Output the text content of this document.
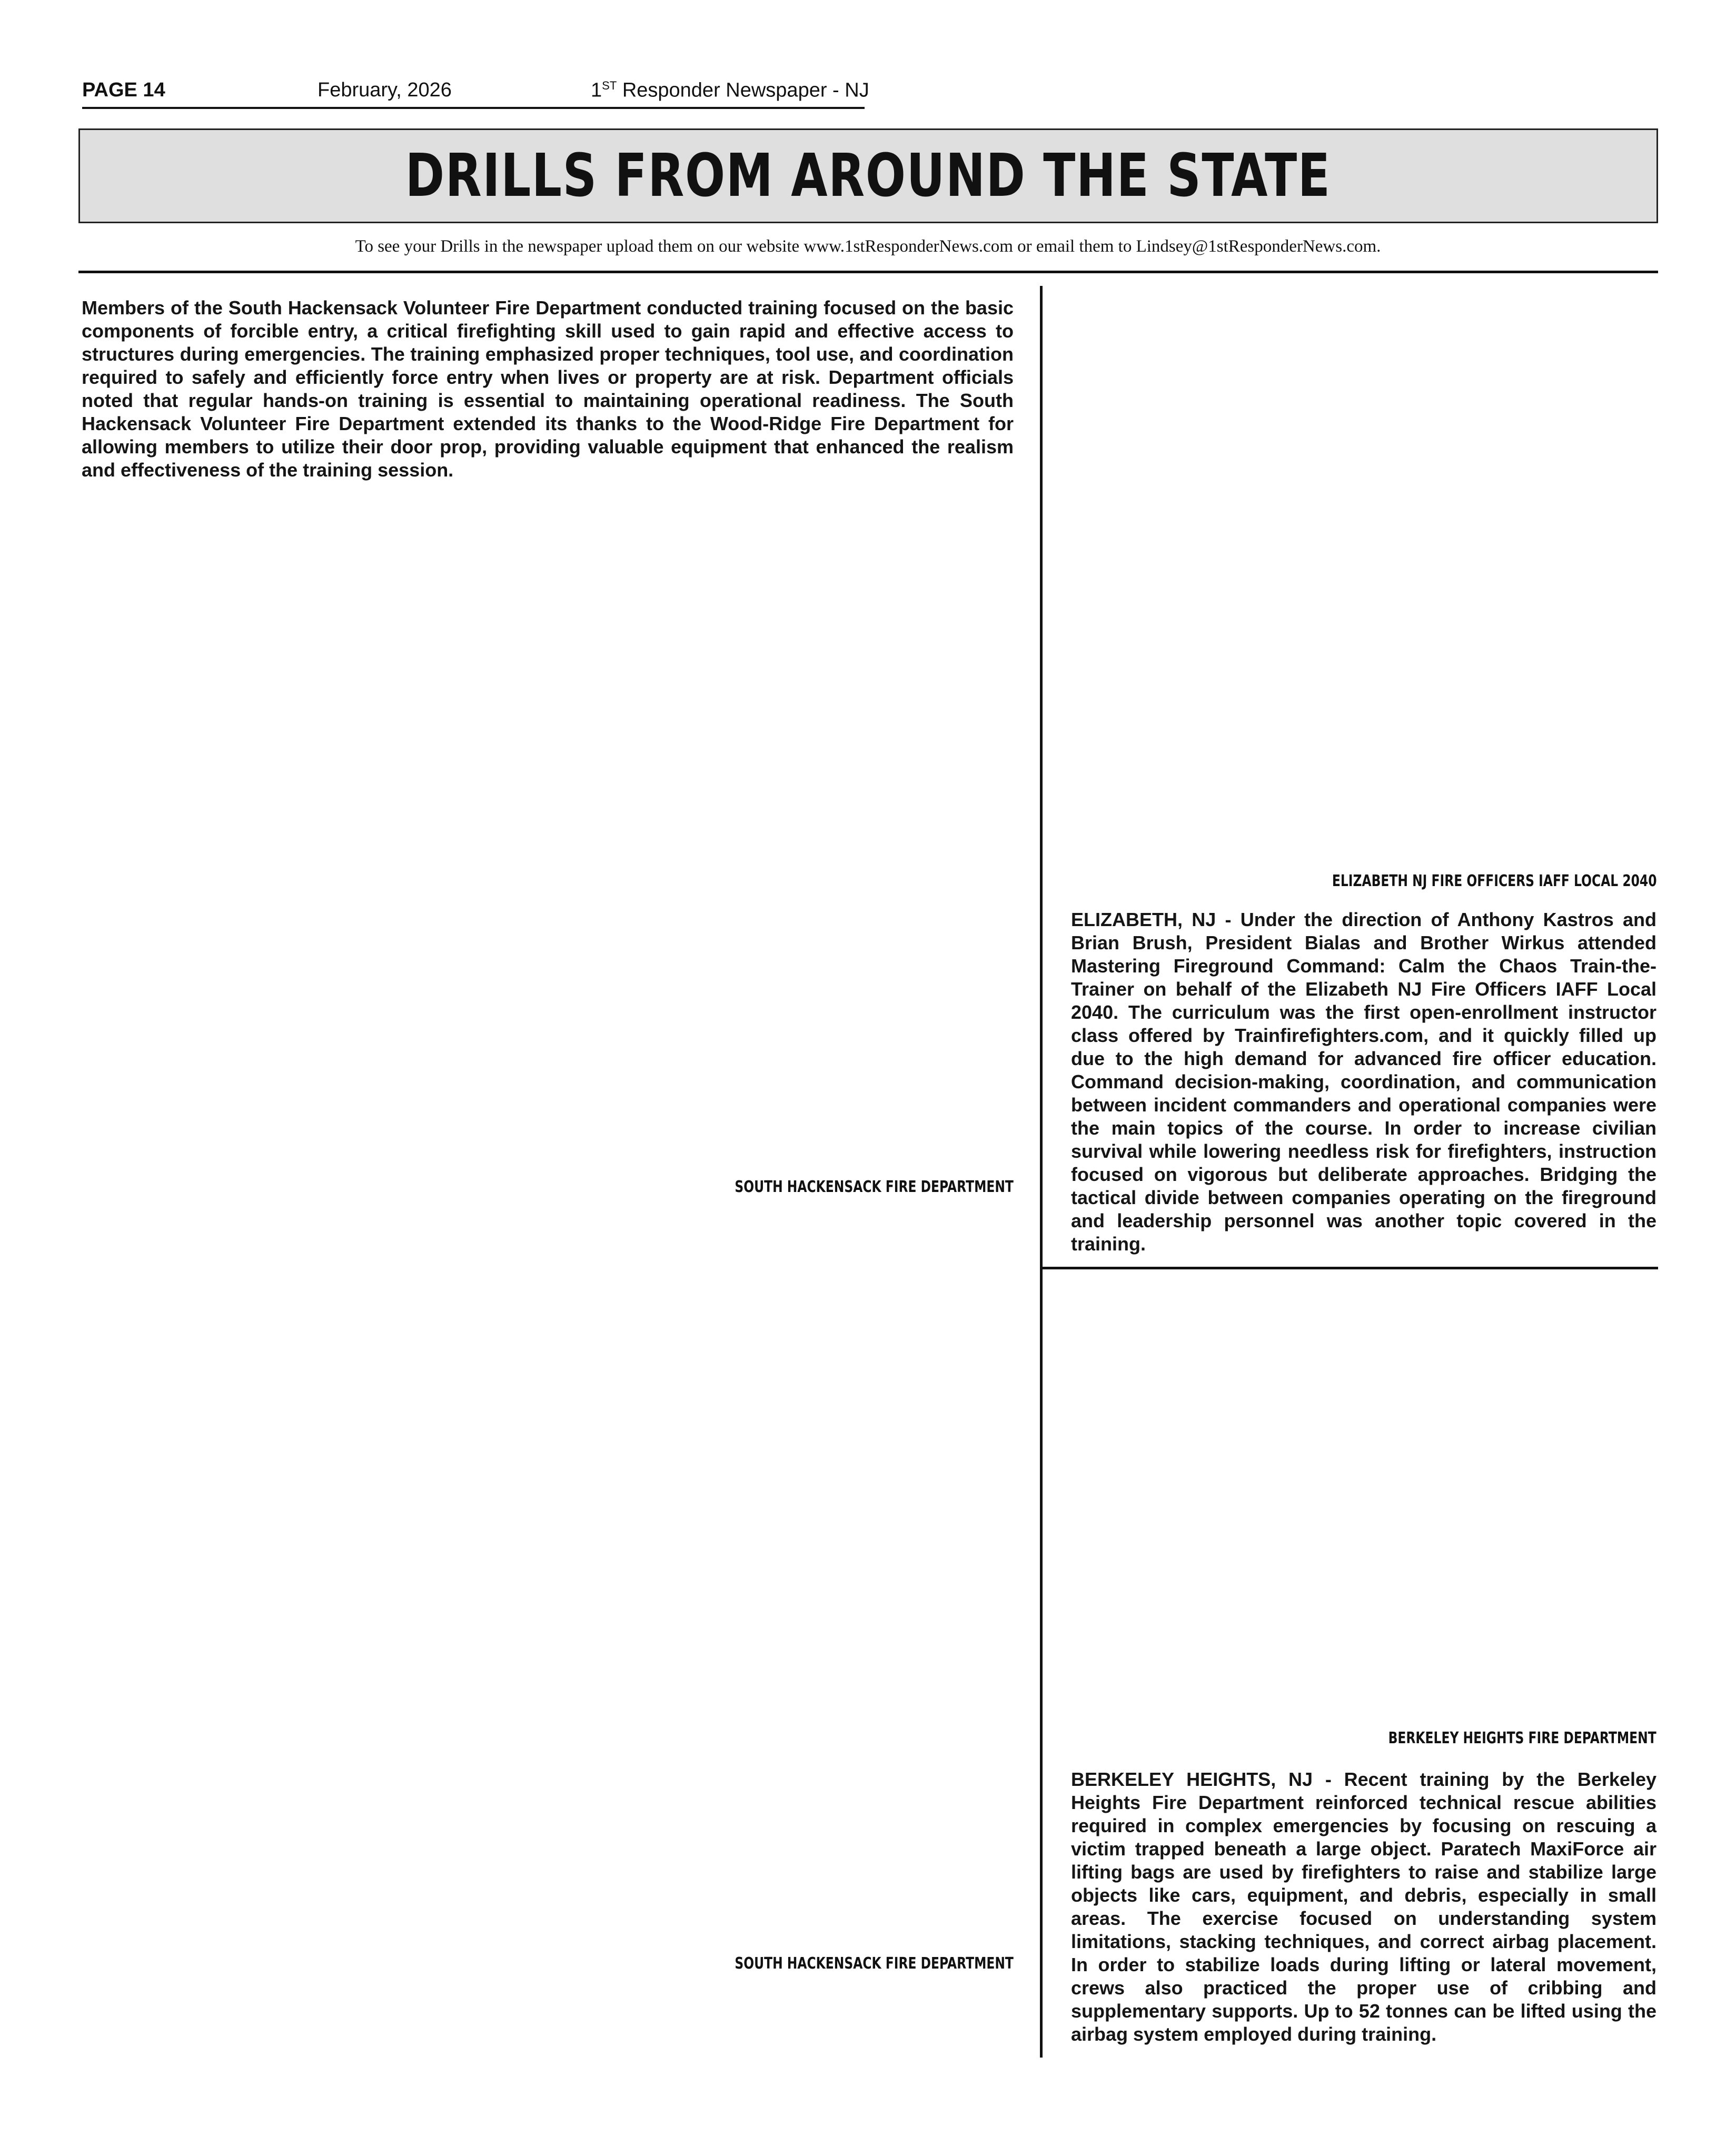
PAGE 14	February, 2026	1ST Responder Newspaper - NJ
DRILLS FROM AROUND THE STATE
To see your Drills in the newspaper upload them on our website www.1stResponderNews.com or email them to Lindsey@1stResponderNews.com.

Members of the South Hackensack Volunteer Fire Department conducted training focused on the basic components of forcible entry, a critical firefighting skill used to gain rapid and effective access to structures during emergencies. The training emphasized proper techniques, tool use, and coordination required to safely and efficiently force entry when lives or property are at risk. Department officials noted that regular hands-on training is essential to maintaining operational readiness. The South Hackensack Volunteer Fire Department extended its thanks to the Wood-Ridge Fire Department for allowing members to utilize their door prop, providing valuable equipment that enhanced the realism and effectiveness of the training session.

SOUTH HACKENSACK FIRE DEPARTMENT
SOUTH HACKENSACK FIRE DEPARTMENT
ELIZABETH NJ FIRE OFFICERS IAFF LOCAL 2040

ELIZABETH, NJ - Under the direction of Anthony Kastros and Brian Brush, President Bialas and Brother Wirkus attended Mastering Fireground Command: Calm the Chaos Train-the-Trainer on behalf of the Elizabeth NJ Fire Officers IAFF Local 2040. The curriculum was the first open-enrollment instructor class offered by Trainfirefighters.com, and it quickly filled up due to the high demand for advanced fire officer education. Command decision-making, coordination, and communication between incident commanders and operational companies were the main topics of the course. In order to increase civilian survival while lowering needless risk for firefighters, instruction focused on vigorous but deliberate approaches. Bridging the tactical divide between companies operating on the fireground and leadership personnel was another topic covered in the training.

BERKELEY HEIGHTS FIRE DEPARTMENT

BERKELEY HEIGHTS, NJ - Recent training by the Berkeley Heights Fire Department reinforced technical rescue abilities required in complex emergencies by focusing on rescuing a victim trapped beneath a large object. Paratech MaxiForce air lifting bags are used by firefighters to raise and stabilize large objects like cars, equipment, and debris, especially in small areas. The exercise focused on understanding system limitations, stacking techniques, and correct airbag placement. In order to stabilize loads during lifting or lateral movement, crews also practiced the proper use of cribbing and supplementary supports. Up to 52 tonnes can be lifted using the airbag system employed during training.
